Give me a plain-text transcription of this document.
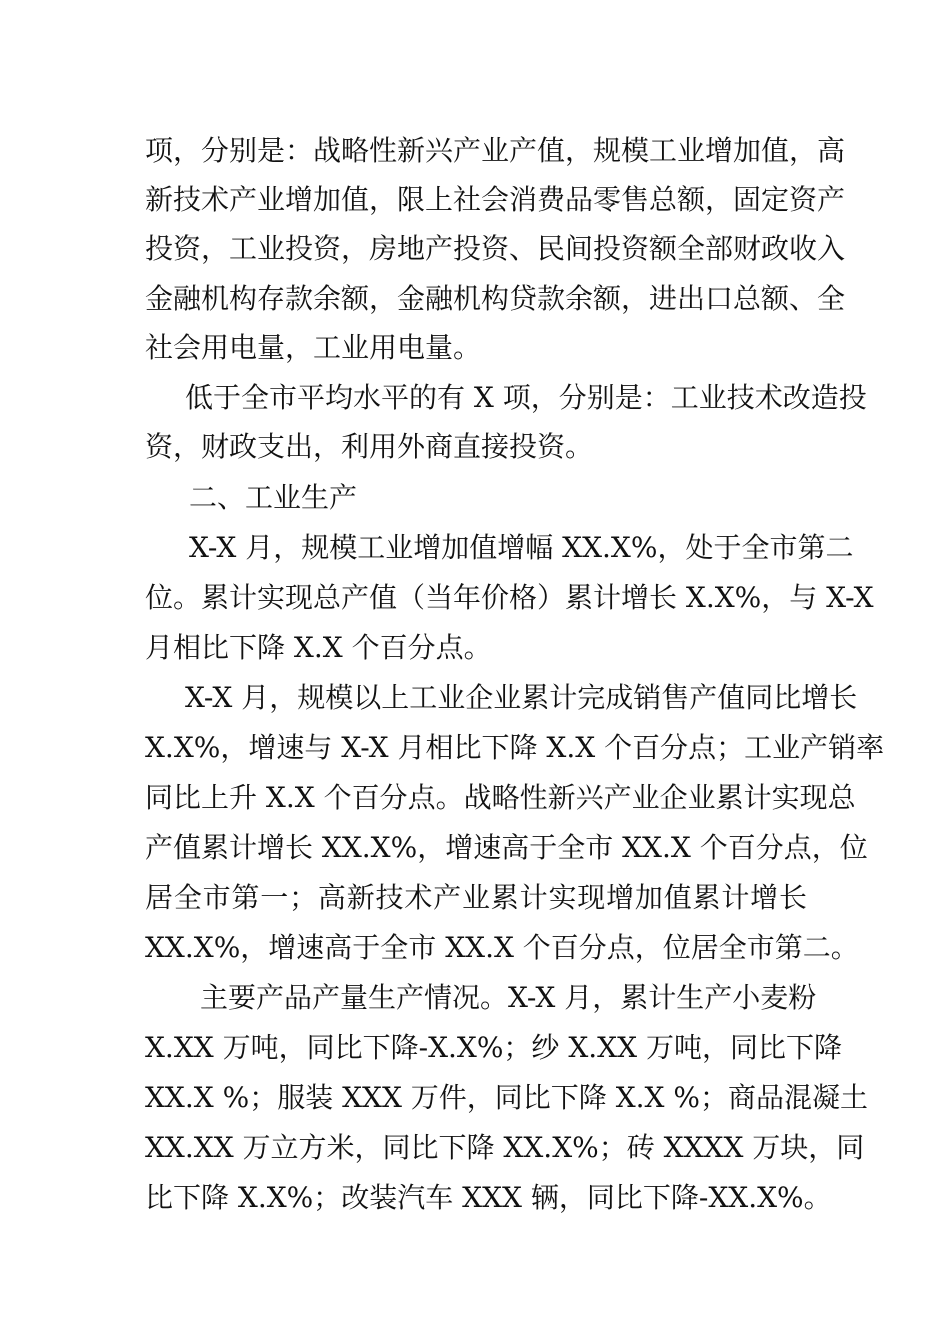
项，分别是：战略性新兴产业产值，规模工业增加值，高
新技术产业增加值，限上社会消费品零售总额，固定资产
投资，工业投资，房地产投资、民间投资额全部财政收入
金融机构存款余额，金融机构贷款余额，进出口总额、全
社会用电量，工业用电量。
低于全市平均水平的有 X 项，分别是：工业技术改造投
资，财政支出，利用外商直接投资。
二、工业生产
X-X 月，规模工业增加值增幅 XX.X%，处于全市第二
位。累计实现总产值（当年价格）累计增长 X.X%，与 X-X
月相比下降 X.X 个百分点。
X-X 月，规模以上工业企业累计完成销售产值同比增长
X.X%，增速与 X-X 月相比下降 X.X 个百分点；工业产销率
同比上升 X.X 个百分点。战略性新兴产业企业累计实现总
产值累计增长 XX.X%，增速高于全市 XX.X 个百分点，位
居全市第一；高新技术产业累计实现增加值累计增长
XX.X%，增速高于全市 XX.X 个百分点，位居全市第二。
主要产品产量生产情况。X-X 月，累计生产小麦粉
X.XX 万吨，同比下降-X.X%；纱 X.XX 万吨，同比下降
XX.X %；服装 XXX 万件，同比下降 X.X %；商品混凝土
XX.XX 万立方米，同比下降 XX.X%；砖 XXXX 万块，同
比下降 X.X%；改装汽车 XXX 辆，同比下降-XX.X%。
